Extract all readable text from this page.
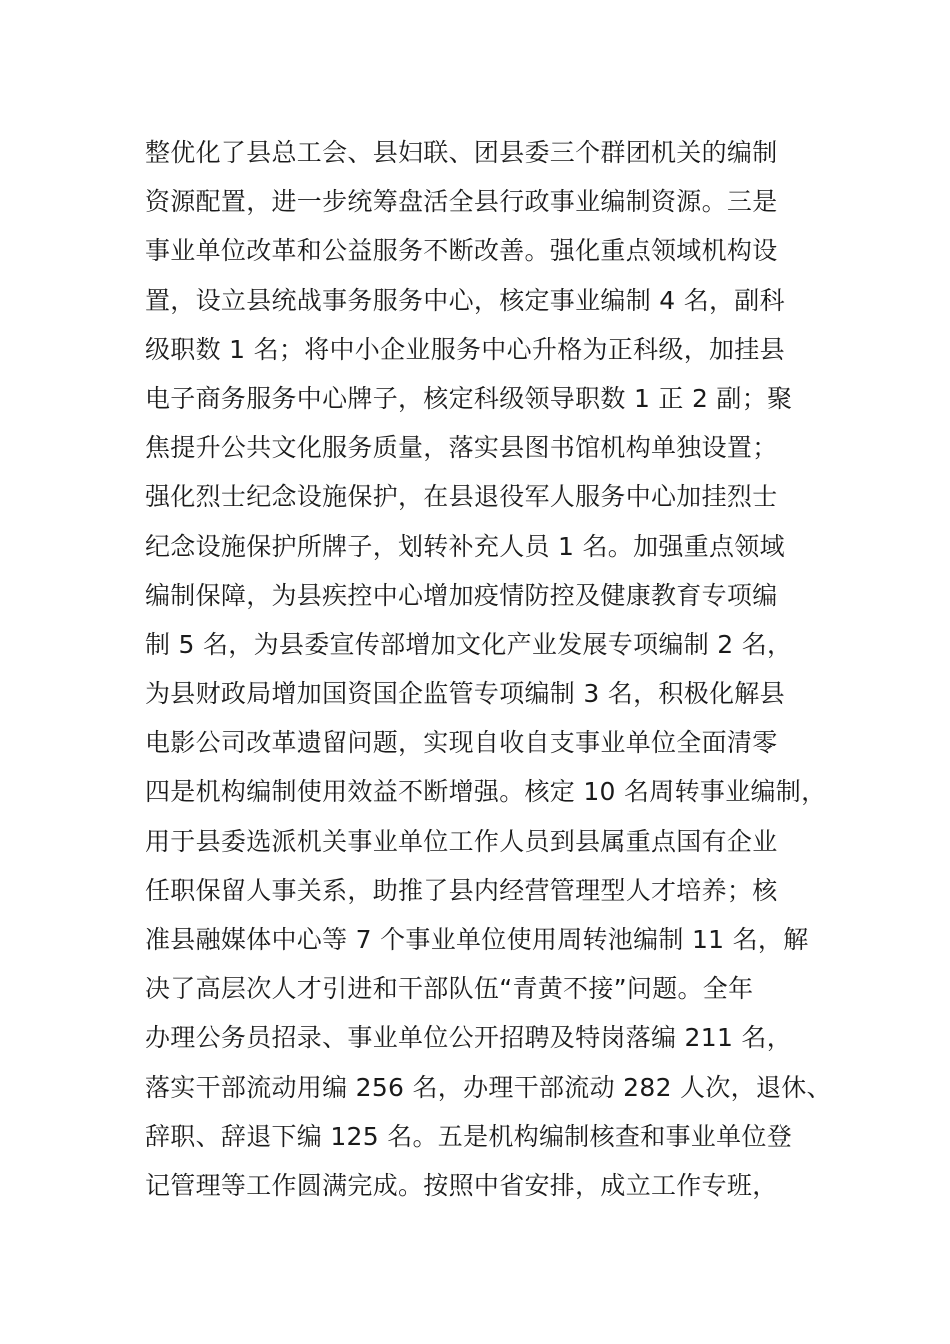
整优化了县总工会、县妇联、团县委三个群团机关的编制
资源配置，进一步统筹盘活全县行政事业编制资源。三是
事业单位改革和公益服务不断改善。强化重点领域机构设
置，设立县统战事务服务中心，核定事业编制 4 名，副科
级职数 1 名；将中小企业服务中心升格为正科级，加挂县
电子商务服务中心牌子，核定科级领导职数 1 正 2 副；聚
焦提升公共文化服务质量，落实县图书馆机构单独设置；
强化烈士纪念设施保护，在县退役军人服务中心加挂烈士
纪念设施保护所牌子，划转补充人员 1 名。加强重点领域
编制保障，为县疾控中心增加疫情防控及健康教育专项编
制 5 名，为县委宣传部增加文化产业发展专项编制 2 名，
为县财政局增加国资国企监管专项编制 3 名，积极化解县
电影公司改革遗留问题，实现自收自支事业单位全面清零
四是机构编制使用效益不断增强。核定 10 名周转事业编制，
用于县委选派机关事业单位工作人员到县属重点国有企业
任职保留人事关系，助推了县内经营管理型人才培养；核
准县融媒体中心等 7 个事业单位使用周转池编制 11 名，解
决了高层次人才引进和干部队伍“青黄不接”问题。全年
办理公务员招录、事业单位公开招聘及特岗落编 211 名，
落实干部流动用编 256 名，办理干部流动 282 人次，退休、
辞职、辞退下编 125 名。五是机构编制核查和事业单位登
记管理等工作圆满完成。按照中省安排，成立工作专班，
